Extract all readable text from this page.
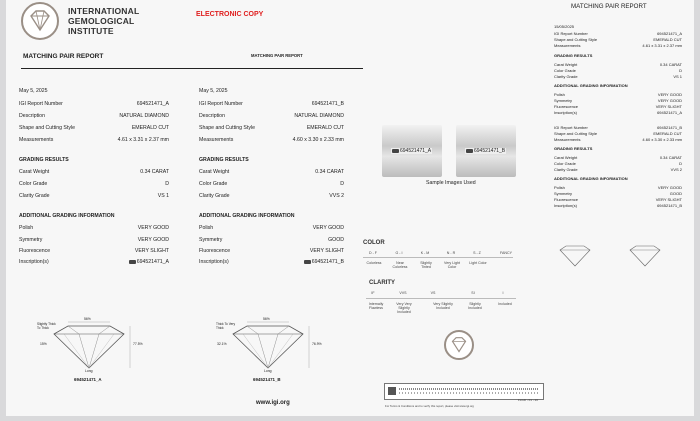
INTERNATIONAL
GEMOLOGICAL
INSTITUTE
ELECTRONIC COPY
MATCHING PAIR REPORT	MATCHING PAIR REPORT
May 5, 2025
IGI Report Number	694521471_A
Description	NATURAL DIAMOND
Shape and Cutting Style	EMERALD CUT
Measurements	4.61 x 3.31 x 2.37 mm
GRADING RESULTS
Carat Weight	0.34 CARAT
Color Grade	D
Clarity Grade	VS 1
ADDITIONAL GRADING INFORMATION
Polish	VERY GOOD
Symmetry	VERY GOOD
Fluorescence	VERY SLIGHT
Inscription(s)	694521471_A
May 5, 2025
IGI Report Number	694521471_B
Description	NATURAL DIAMOND
Shape and Cutting Style	EMERALD CUT
Measurements	4.60 x 3.30 x 2.33 mm
GRADING RESULTS
Carat Weight	0.34 CARAT
Color Grade	D
Clarity Grade	VVS 2
ADDITIONAL GRADING INFORMATION
Polish	VERY GOOD
Symmetry	GOOD
Fluorescence	VERY SLIGHT
Inscription(s)	694521471_B
Slightly Thick To Thick
56%
77.5%
15%
Long
694521471_A
Thick To Very Thick
56%
76.9%
32.1%
Long
694521471_B
www.igi.org
694521471_A	694521471_B
Sample Images Used
COLOR
D - F	G - I	K - M	N - R	S - Z	FANCY
Colorless	Near Colorless
Slightly Tinted
Very Light Color
Light Color
CLARITY
IF	VVS	VS	SI	I
Internally Flawless
Very Very Slightly Included
Very Slightly Included
Slightly Included
Included
For Terms & Conditions and to verify this report, please visit www.igi.org
FLGD - 01 - 20
MATCHING PAIR REPORT
15/05/2025
IGI Report Number	694521471_A
Shape and Cutting Style	EMERALD CUT
Measurements	4.61 x 3.31 x 2.37 mm
GRADING RESULTS
Carat Weight	0.34 CARAT
Color Grade	D
Clarity Grade	VS 1
ADDITIONAL GRADING INFORMATION
Polish	VERY GOOD
Symmetry	VERY GOOD
Fluorescence	VERY SLIGHT
Inscription(s)	694521471_A
IGI Report Number	694521471_B
Shape and Cutting Style	EMERALD CUT
Measurements	4.60 x 3.30 x 2.33 mm
GRADING RESULTS
Carat Weight	0.34 CARAT
Color Grade	D
Clarity Grade	VVS 2
ADDITIONAL GRADING INFORMATION
Polish	VERY GOOD
Symmetry	GOOD
Fluorescence	VERY SLIGHT
Inscription(s)	694521471_B
